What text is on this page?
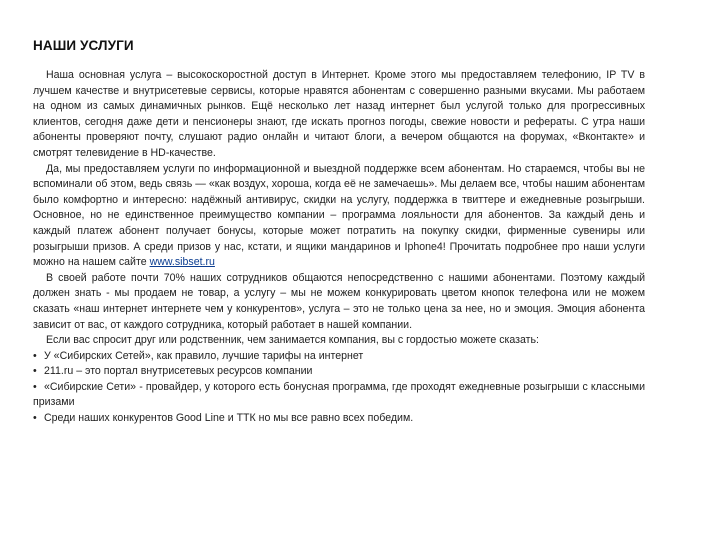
НАШИ УСЛУГИ

Наша основная услуга – высокоскоростной доступ в Интернет. Кроме этого мы предоставляем телефонию, IP TV в лучшем качестве и внутрисетевые сервисы, которые нравятся абонентам с совершенно разными вкусами. Мы работаем на одном из самых динамичных рынков. Ещё несколько лет назад интернет был услугой только для прогрессивных клиентов, сегодня даже дети и пенсионеры знают, где искать прогноз погоды, свежие новости и рефераты. С утра наши абоненты проверяют почту, слушают радио онлайн и читают блоги, а вечером общаются на форумах, «Вконтакте» и смотрят телевидение в HD-качестве.

Да, мы предоставляем услуги по информационной и выездной поддержке всем абонентам. Но стараемся, чтобы вы не вспоминали об этом, ведь связь — «как воздух, хороша, когда её не замечаешь». Мы делаем все, чтобы нашим абонентам было комфортно и интересно: надёжный антивирус, скидки на услугу, поддержка в твиттере и ежедневные розыгрыши. Основное, но не единственное преимущество компании – программа лояльности для абонентов. За каждый день и каждый платеж абонент получает бонусы, которые может потратить на покупку скидки, фирменные сувениры или розыгрыши призов. А среди призов у нас, кстати, и ящики мандаринов и Iphone4! Прочитать подробнее про наши услуги можно на нашем сайте www.sibset.ru

В своей работе почти 70% наших сотрудников общаются непосредственно с нашими абонентами. Поэтому каждый должен знать - мы продаем не товар, а услугу – мы не можем конкурировать цветом кнопок телефона или не можем сказать «наш интернет интернете чем у конкурентов», услуга – это не только цена за нее, но и эмоция. Эмоция абонента зависит от вас, от каждого сотрудника, который работает в нашей компании.

Если вас спросит друг или родственник, чем занимается компания, вы с гордостью можете сказать:

• У «Сибирских Сетей», как правило, лучшие тарифы на интернет

• 211.ru – это портал внутрисетевых ресурсов компании

• «Сибирские Сети» - провайдер, у которого есть бонусная программа, где проходят ежедневные розыгрыши с классными призами

• Среди наших конкурентов Good Line и ТТК но мы все равно всех победим.
